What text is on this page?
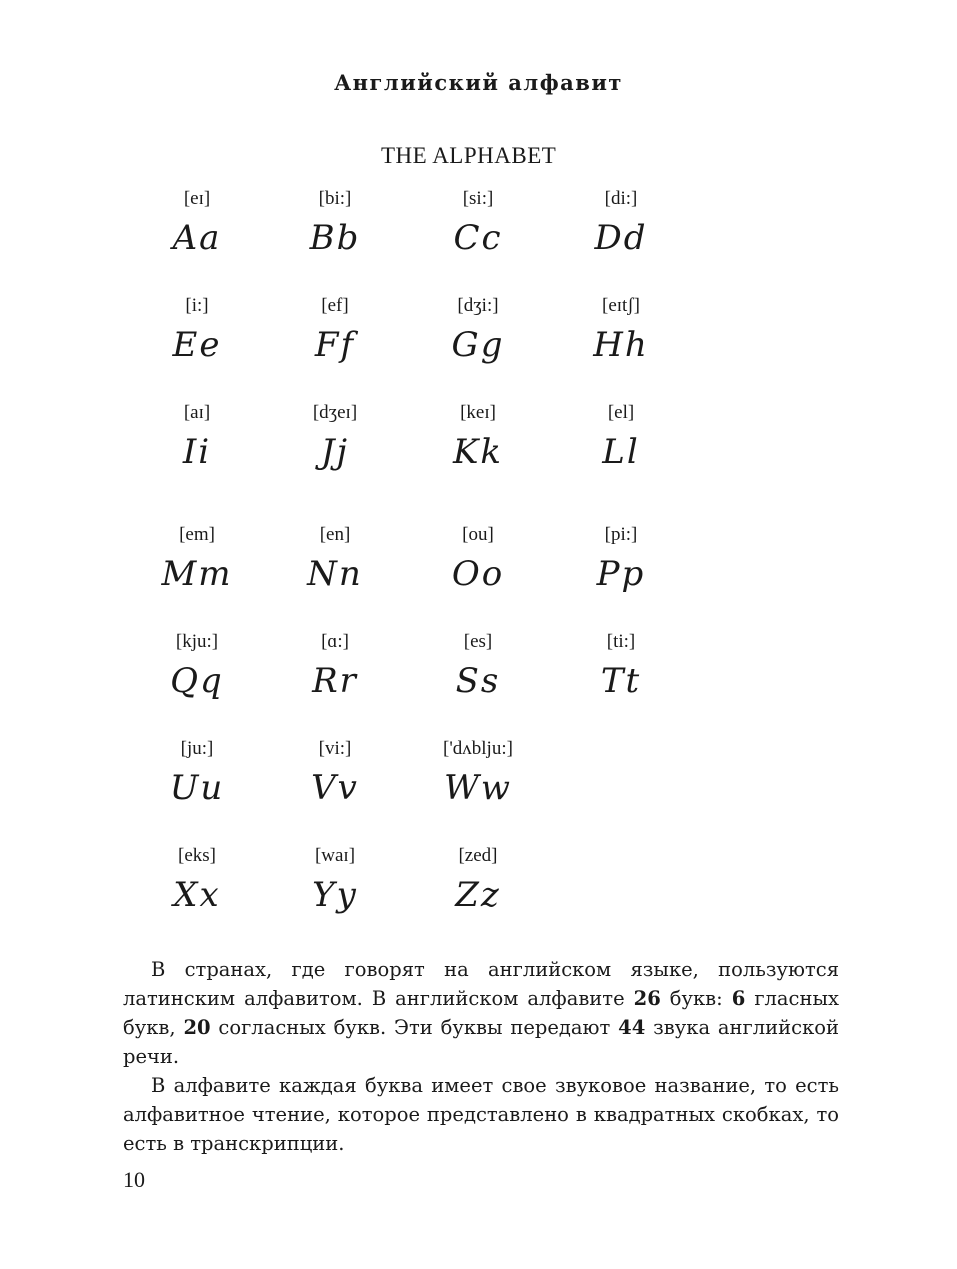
Английский алфавит
THE ALPHABET
[eɪ]
Aa
[bi:]
Bb
[si:]
Cc
[di:]
Dd
[i:]
Ee
[ef]
Ff
[dʒi:]
Gg
[eɪtʃ]
Hh
[aɪ]
Ii
[dʒeɪ]
Jj
[keɪ]
Kk
[el]
Ll
[em]
Mm
[en]
Nn
[ou]
Oo
[pi:]
Pp
[kju:]
Qq
[ɑ:]
Rr
[es]
Ss
[ti:]
Tt
[ju:]
Uu
[vi:]
Vv
['dʌblju:]
Ww
[eks]
Xx
[waɪ]
Yy
[zed]
Zz

В странах, где говорят на английском языке, пользуются латинским алфавитом. В английском алфавите 26 букв: 6 гласных букв, 20 согласных букв. Эти буквы передают 44 звука английской речи.

В алфавите каждая буква имеет свое звуковое название, то есть алфавитное чтение, которое представлено в квадратных скобках, то есть в транскрипции.

10
